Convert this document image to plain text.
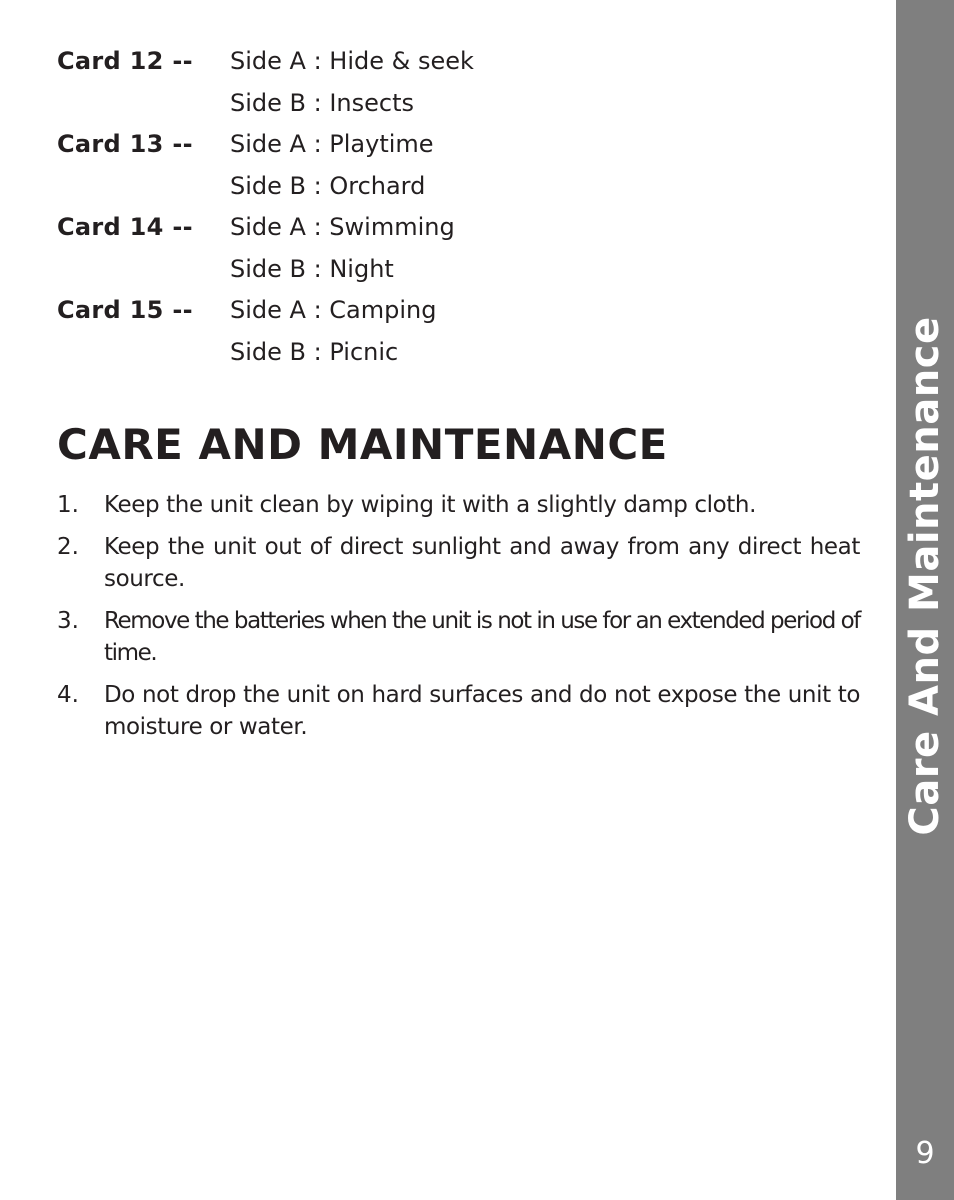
Card 12 --	Side A : Hide & seek
Side B : Insects
Card 13 --	Side A : Playtime
Side B : Orchard
Card 14 --	Side A : Swimming
Side B : Night
Card 15 --	Side A : Camping
Side B : Picnic
CARE AND MAINTENANCE
1.	Keep the unit clean by wiping it with a slightly damp cloth.
2.	Keep the unit out of direct sunlight and away from any direct heat source.
3.	Remove the batteries when the unit is not in use for an extended period of time.
4.	Do not drop the unit on hard surfaces and do not expose the unit to moisture or water.	Care And Maintenance
9
